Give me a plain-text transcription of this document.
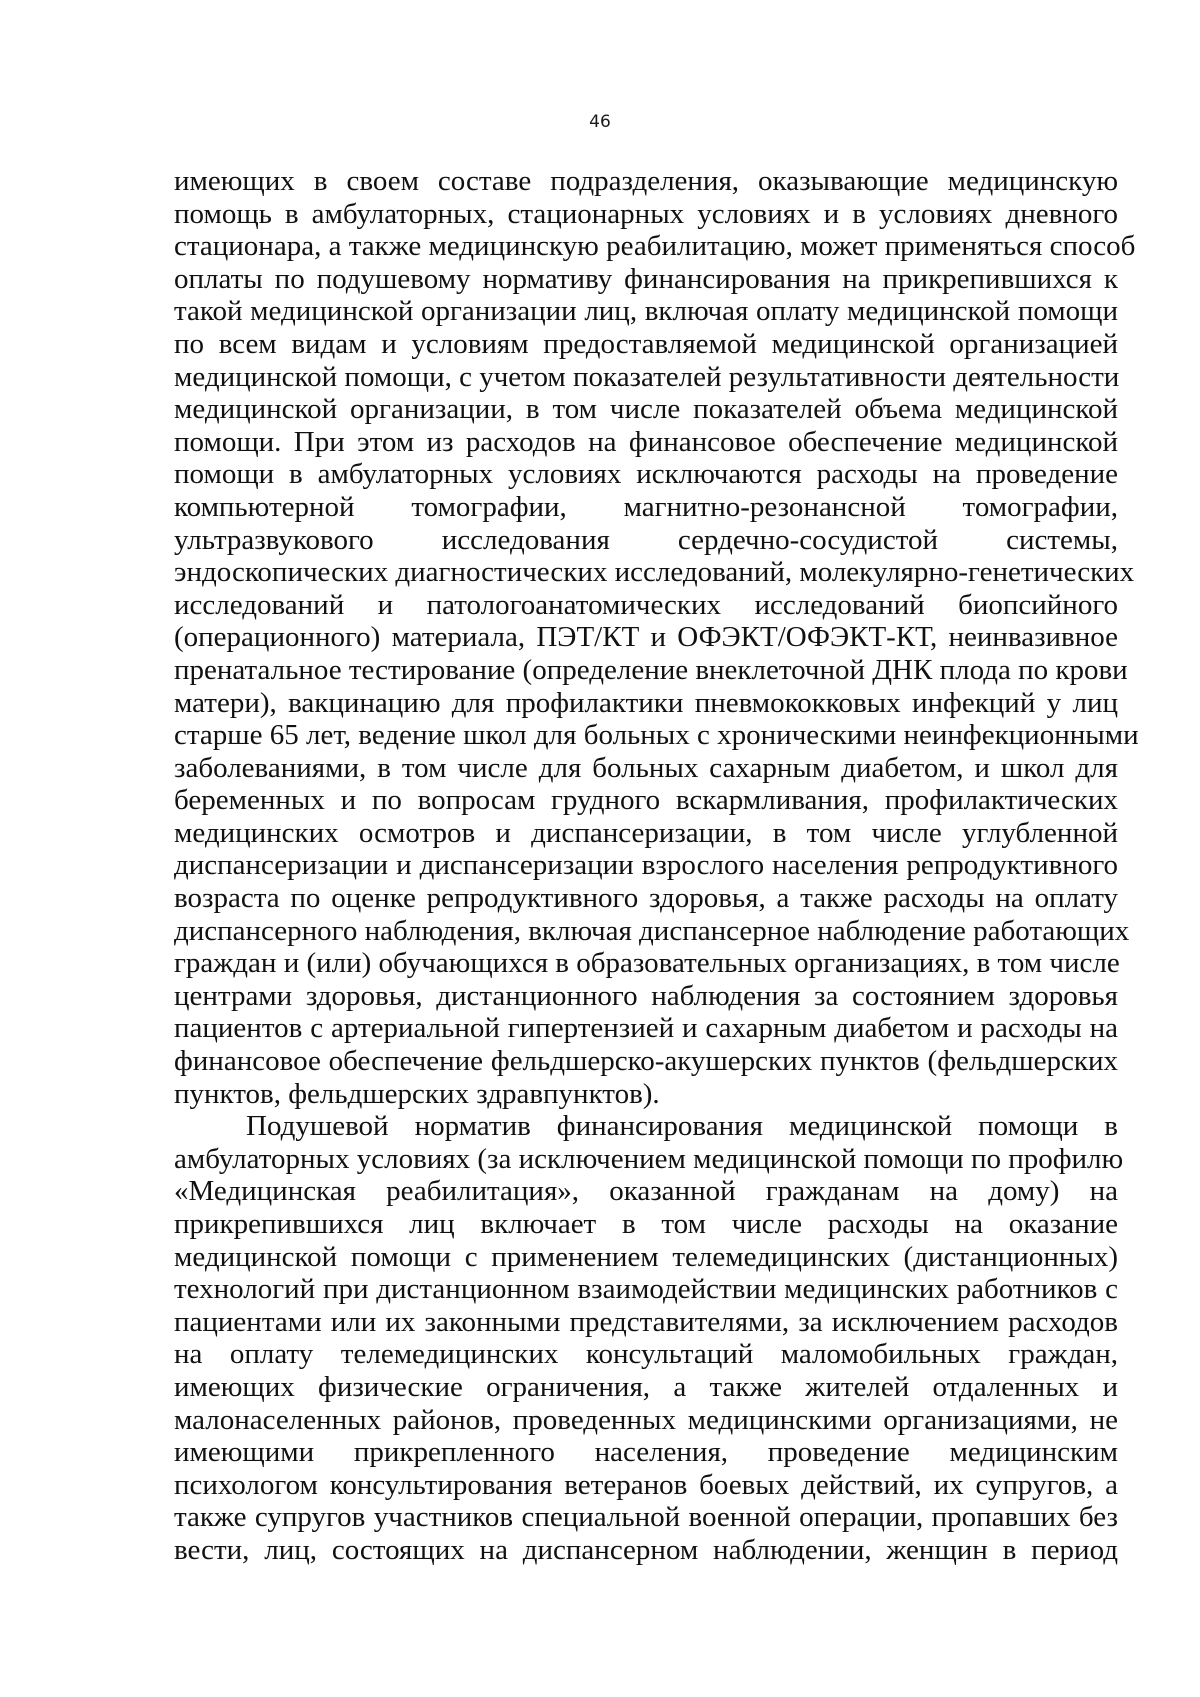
46
имеющих в своем составе подразделения, оказывающие медицинскую
помощь в амбулаторных, стационарных условиях и в условиях дневного
стационара, а также медицинскую реабилитацию, может применяться способ
оплаты по подушевому нормативу финансирования на прикрепившихся к
такой медицинской организации лиц, включая оплату медицинской помощи
по всем видам и условиям предоставляемой медицинской организацией
медицинской помощи, с учетом показателей результативности деятельности
медицинской организации, в том числе показателей объема медицинской
помощи. При этом из расходов на финансовое обеспечение медицинской
помощи в амбулаторных условиях исключаются расходы на проведение
компьютерной томографии, магнитно-резонансной томографии,
ультразвукового исследования сердечно-сосудистой системы,
эндоскопических диагностических исследований, молекулярно-генетических
исследований и патологоанатомических исследований биопсийного
(операционного) материала, ПЭТ/КТ и ОФЭКТ/ОФЭКТ-КТ, неинвазивное
пренатальное тестирование (определение внеклеточной ДНК плода по крови
матери), вакцинацию для профилактики пневмококковых инфекций у лиц
старше 65 лет, ведение школ для больных с хроническими неинфекционными
заболеваниями, в том числе для больных сахарным диабетом, и школ для
беременных и по вопросам грудного вскармливания, профилактических
медицинских осмотров и диспансеризации, в том числе углубленной
диспансеризации и диспансеризации взрослого населения репродуктивного
возраста по оценке репродуктивного здоровья, а также расходы на оплату
диспансерного наблюдения, включая диспансерное наблюдение работающих
граждан и (или) обучающихся в образовательных организациях, в том числе
центрами здоровья, дистанционного наблюдения за состоянием здоровья
пациентов с артериальной гипертензией и сахарным диабетом и расходы на
финансовое обеспечение фельдшерско-акушерских пунктов (фельдшерских
пунктов, фельдшерских здравпунктов).
Подушевой норматив финансирования медицинской помощи в
амбулаторных условиях (за исключением медицинской помощи по профилю
«Медицинская реабилитация», оказанной гражданам на дому) на
прикрепившихся лиц включает в том числе расходы на оказание
медицинской помощи с применением телемедицинских (дистанционных)
технологий при дистанционном взаимодействии медицинских работников с
пациентами или их законными представителями, за исключением расходов
на оплату телемедицинских консультаций маломобильных граждан,
имеющих физические ограничения, а также жителей отдаленных и
малонаселенных районов, проведенных медицинскими организациями, не
имеющими прикрепленного населения, проведение медицинским
психологом консультирования ветеранов боевых действий, их супругов, а
также супругов участников специальной военной операции, пропавших без
вести, лиц, состоящих на диспансерном наблюдении, женщин в период
